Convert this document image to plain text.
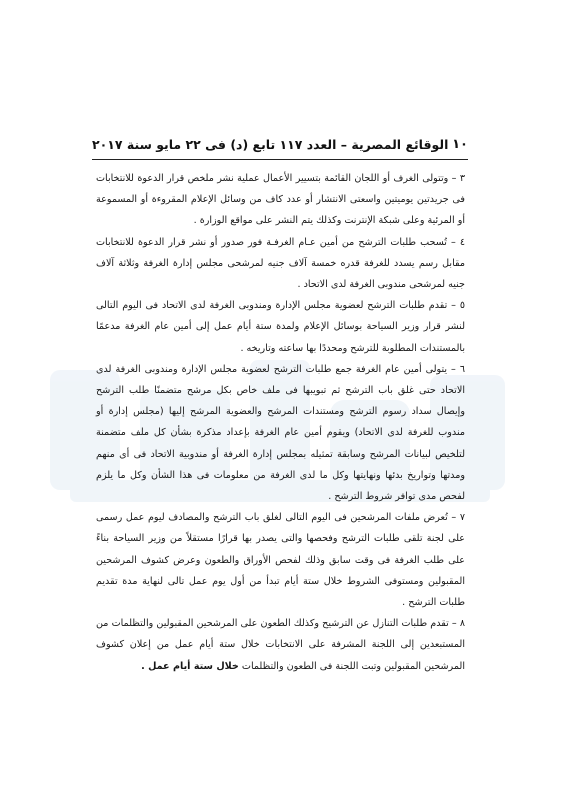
١٠
الوقائع المصرية – العدد ١١٧ تابع (د) فى ٢٢ مايو سنة ٢٠١٧

٣ – وتتولى الغرف أو اللجان القائمة بتسيير الأعمال عملية نشر ملخص قرار الدعوة للانتخابات فى جريدتين يوميتين واسعتى الانتشار أو عدد كاف من وسائل الإعلام المقروءة أو المسموعة أو المرئية وعلى شبكة الإنترنت وكذلك يتم النشر على مواقع الوزارة .

٤ – تُسحب طلبات الترشح من أمين عـام الغرفـة فور صدور أو نشر قرار الدعوة للانتخابات مقابل رسم يسدد للغرفة قدره خمسة آلاف جنيه لمرشحى مجلس إدارة الغرفة وثلاثة آلاف جنيه لمرشحى مندوبى الغرفة لدى الاتحاد .

٥ – تقدم طلبات الترشح لعضوية مجلس الإدارة ومندوبى الغرفة لدى الاتحاد فى اليوم التالى لنشر قرار وزير السياحة بوسائل الإعلام ولمدة ستة أيام عمل إلى أمين عام الغرفة مدعمًا بالمستندات المطلوبة للترشح ومحددًا بها ساعته وتاريخه .

٦ – يتولى أمين عام الغرفة جمع طلبات الترشح لعضوية مجلس الإدارة ومندوبى الغرفة لدى الاتحاد حتى غلق باب الترشح ثم تبويبها فى ملف خاص بكل مرشح متضمنًا طلب الترشح وإيصال سداد رسوم الترشح ومستندات المرشح والعضوية المرشح إليها (مجلس إدارة أو مندوب للغرفة لدى الاتحاد) ويقوم أمين عام الغرفة بإعداد مذكرة بشأن كل ملف متضمنة لتلخيص لبيانات المرشح وسابقة تمثيله بمجلس إدارة الغرفة أو مندوبية الاتحاد فى أى منهم ومدتها وتواريخ بدئها ونهايتها وكل ما لدى الغرفة من معلومات فى هذا الشأن وكل ما يلزم لفحص مدى توافر شروط الترشح .

٧ – تُعرض ملفات المرشحين فى اليوم التالى لغلق باب الترشح والمصادف ليوم عمل رسمى على لجنة تلقى طلبات الترشح وفحصها والتى يصدر بها قرارًا مستقلاً من وزير السياحة بناءً على طلب الغرفة فى وقت سابق وذلك لفحص الأوراق والطعون وعرض كشوف المرشحين المقبولين ومستوفى الشروط خلال ستة أيام تبدأ من أول يوم عمل تالى لنهاية مدة تقديم طلبات الترشح .

٨ – تقدم طلبات التنازل عن الترشيح وكذلك الطعون على المرشحين المقبولين والتظلمات من المستبعدين إلى اللجنة المشرفة على الانتخابات خلال ستة أيام عمل من إعلان كشوف المرشحين المقبولين وتبت اللجنة فى الطعون والتظلمات خلال ستة أيام عمل .
